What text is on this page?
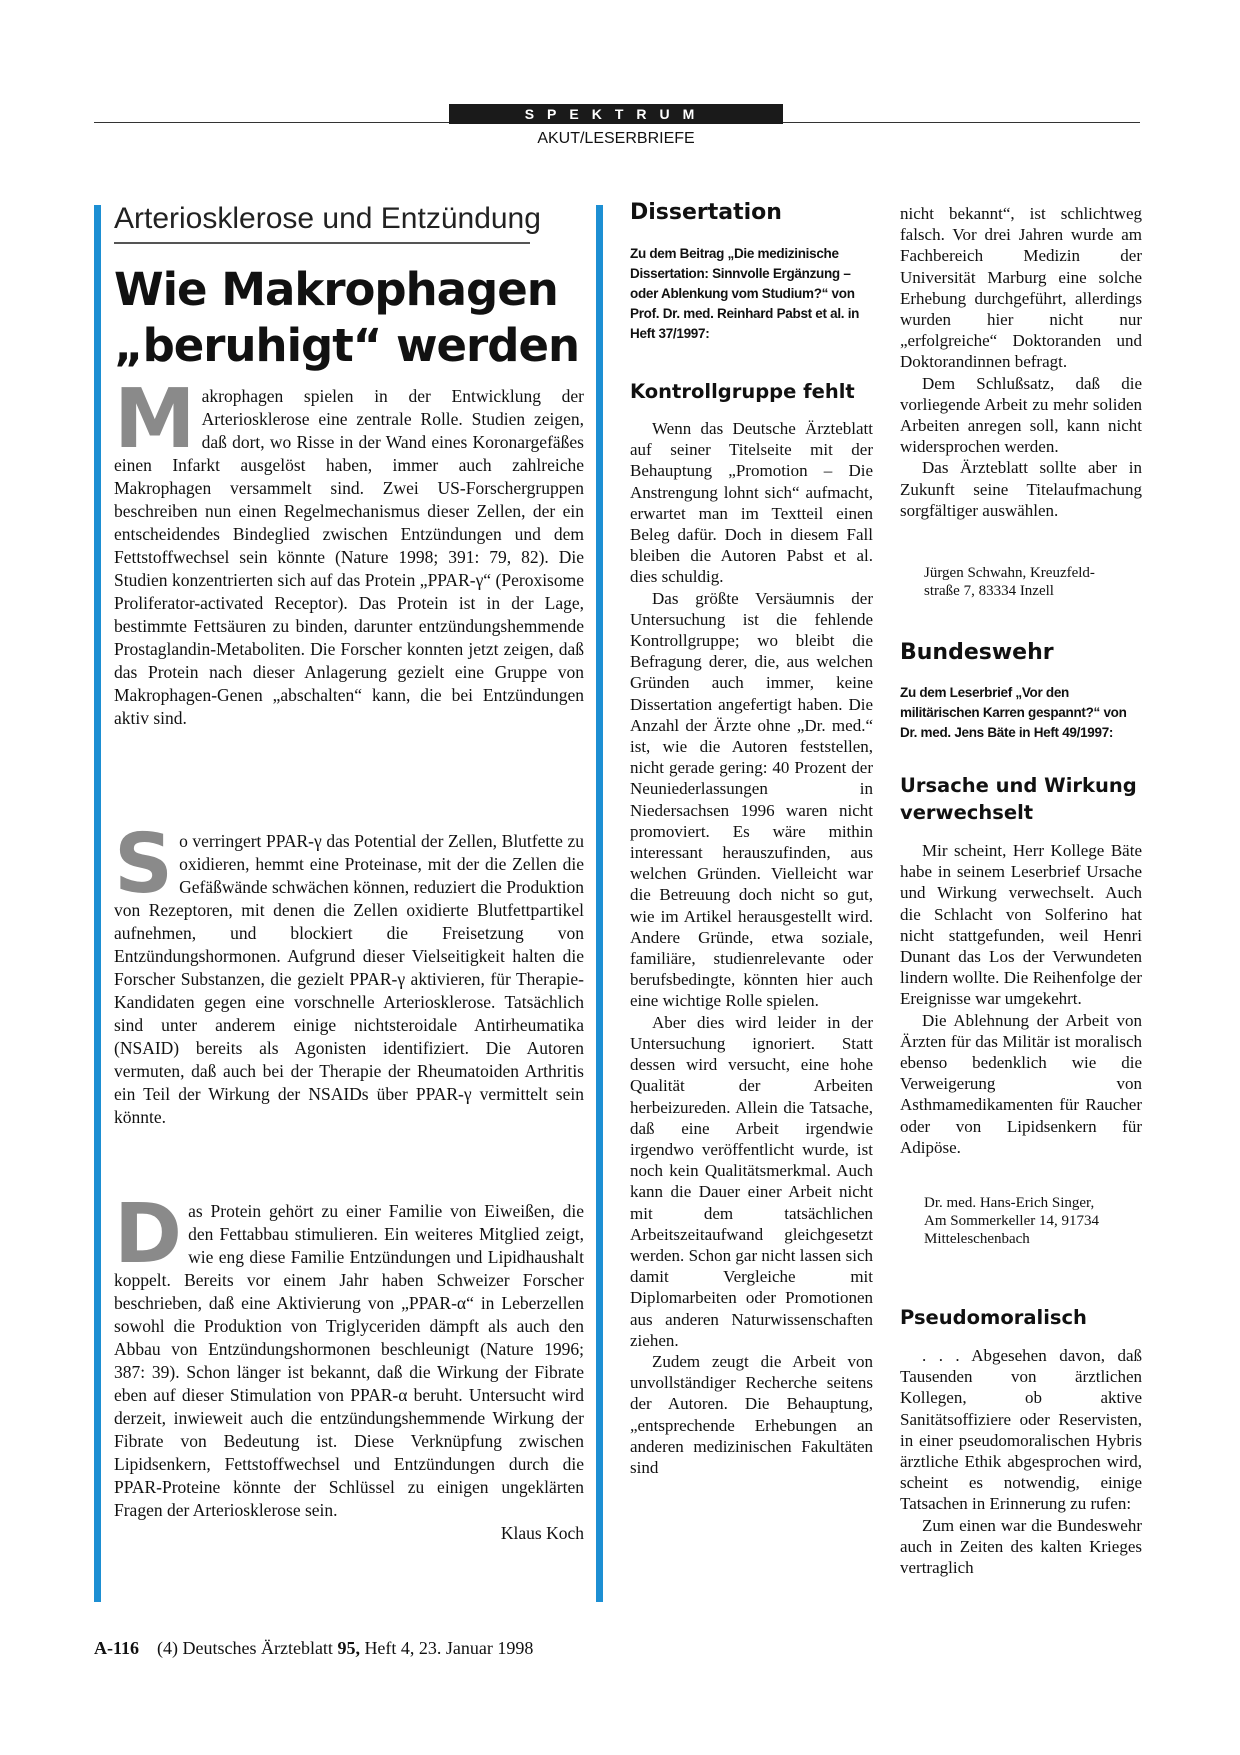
SPEKTRUM
AKUT/LESERBRIEFE
Arteriosklerose und Entzündung
Wie Makrophagen
„beruhigt“ werden
Makrophagen spielen in der Entwicklung der Arteriosklerose eine zentrale Rolle. Studien zeigen, daß dort, wo Risse in der Wand eines Koronargefäßes einen Infarkt ausgelöst haben, immer auch zahlreiche Makrophagen versammelt sind. Zwei US-Forschergruppen beschreiben nun einen Regelmechanismus dieser Zellen, der ein entscheidendes Bindeglied zwischen Entzündungen und dem Fettstoffwechsel sein könnte (Nature 1998; 391: 79, 82). Die Studien konzentrierten sich auf das Protein „PPAR-γ“ (Peroxisome Proliferator-activated Receptor). Das Protein ist in der Lage, bestimmte Fettsäuren zu binden, darunter entzündungshemmende Prostaglandin-Metaboliten. Die Forscher konnten jetzt zeigen, daß das Protein nach dieser Anlagerung gezielt eine Gruppe von Makrophagen-Genen „abschalten“ kann, die bei Entzündungen aktiv sind.
So verringert PPAR-γ das Potential der Zellen, Blutfette zu oxidieren, hemmt eine Proteinase, mit der die Zellen die Gefäßwände schwächen können, reduziert die Produktion von Rezeptoren, mit denen die Zellen oxidierte Blutfettpartikel aufnehmen, und blockiert die Freisetzung von Entzündungshormonen. Aufgrund dieser Vielseitigkeit halten die Forscher Substanzen, die gezielt PPAR-γ aktivieren, für Therapie-Kandidaten gegen eine vorschnelle Arteriosklerose. Tatsächlich sind unter anderem einige nichtsteroidale Antirheumatika (NSAID) bereits als Agonisten identifiziert. Die Autoren vermuten, daß auch bei der Therapie der Rheumatoiden Arthritis ein Teil der Wirkung der NSAIDs über PPAR-γ vermittelt sein könnte.
Das Protein gehört zu einer Familie von Eiweißen, die den Fettabbau stimulieren. Ein weiteres Mitglied zeigt, wie eng diese Familie Entzündungen und Lipidhaushalt koppelt. Bereits vor einem Jahr haben Schweizer Forscher beschrieben, daß eine Aktivierung von „PPAR-α“ in Leberzellen sowohl die Produktion von Triglyceriden dämpft als auch den Abbau von Entzündungshormonen beschleunigt (Nature 1996; 387: 39). Schon länger ist bekannt, daß die Wirkung der Fibrate eben auf dieser Stimulation von PPAR-α beruht. Untersucht wird derzeit, inwieweit auch die entzündungshemmende Wirkung der Fibrate von Bedeutung ist. Diese Verknüpfung zwischen Lipidsenkern, Fettstoffwechsel und Entzündungen durch die PPAR-Proteine könnte der Schlüssel zu einigen ungeklärten Fragen der Arteriosklerose sein.
Klaus Koch
Dissertation
Zu dem Beitrag „Die medizinische Dissertation: Sinnvolle Ergänzung – oder Ablenkung vom Studium?“ von Prof. Dr. med. Reinhard Pabst et al. in Heft 37/1997:
Kontrollgruppe fehlt

Wenn das Deutsche Ärzteblatt auf seiner Titelseite mit der Behauptung „Promotion – Die Anstrengung lohnt sich“ aufmacht, erwartet man im Textteil einen Beleg dafür. Doch in diesem Fall bleiben die Autoren Pabst et al. dies schuldig.

Das größte Versäumnis der Untersuchung ist die fehlende Kontrollgruppe; wo bleibt die Befragung derer, die, aus welchen Gründen auch immer, keine Dissertation angefertigt haben. Die Anzahl der Ärzte ohne „Dr. med.“ ist, wie die Autoren feststellen, nicht gerade gering: 40 Prozent der Neuniederlassungen in Niedersachsen 1996 waren nicht promoviert. Es wäre mithin interessant herauszufinden, aus welchen Gründen. Vielleicht war die Betreuung doch nicht so gut, wie im Artikel herausgestellt wird. Andere Gründe, etwa soziale, familiäre, studienrelevante oder berufsbedingte, könnten hier auch eine wichtige Rolle spielen.

Aber dies wird leider in der Untersuchung ignoriert. Statt dessen wird versucht, eine hohe Qualität der Arbeiten herbeizureden. Allein die Tatsache, daß eine Arbeit irgendwie irgendwo veröffentlicht wurde, ist noch kein Qualitätsmerkmal. Auch kann die Dauer einer Arbeit nicht mit dem tatsächlichen Arbeitszeitaufwand gleichgesetzt werden. Schon gar nicht lassen sich damit Vergleiche mit Diplomarbeiten oder Promotionen aus anderen Naturwissenschaften ziehen.

Zudem zeugt die Arbeit von unvollständiger Recherche seitens der Autoren. Die Behauptung, „entsprechende Erhebungen an anderen medizinischen Fakultäten sind

nicht bekannt“, ist schlichtweg falsch. Vor drei Jahren wurde am Fachbereich Medizin der Universität Marburg eine solche Erhebung durchgeführt, allerdings wurden hier nicht nur „erfolgreiche“ Doktoranden und Doktorandinnen befragt.

Dem Schlußsatz, daß die vorliegende Arbeit zu mehr soliden Arbeiten anregen soll, kann nicht widersprochen werden.

Das Ärzteblatt sollte aber in Zukunft seine Titelaufmachung sorgfältiger auswählen.

Jürgen Schwahn, Kreuzfeld-
straße 7, 83334 Inzell
Bundeswehr
Zu dem Leserbrief „Vor den militärischen Karren gespannt?“ von Dr. med. Jens Bäte in Heft 49/1997:
Ursache und Wirkung verwechselt

Mir scheint, Herr Kollege Bäte habe in seinem Leserbrief Ursache und Wirkung verwechselt. Auch die Schlacht von Solferino hat nicht stattgefunden, weil Henri Dunant das Los der Verwundeten lindern wollte. Die Reihenfolge der Ereignisse war umgekehrt.

Die Ablehnung der Arbeit von Ärzten für das Militär ist moralisch ebenso bedenklich wie die Verweigerung von Asthmamedikamenten für Raucher oder von Lipidsenkern für Adipöse.

Dr. med. Hans-Erich Singer,
Am Sommerkeller 14, 91734
Mitteleschenbach
Pseudomoralisch

. . . Abgesehen davon, daß Tausenden von ärztlichen Kollegen, ob aktive Sanitätsoffiziere oder Reservisten, in einer pseudomoralischen Hybris ärztliche Ethik abgesprochen wird, scheint es notwendig, einige Tatsachen in Erinnerung zu rufen:

Zum einen war die Bundeswehr auch in Zeiten des kalten Krieges vertraglich

A-116 (4) Deutsches Ärzteblatt 95, Heft 4, 23. Januar 1998
